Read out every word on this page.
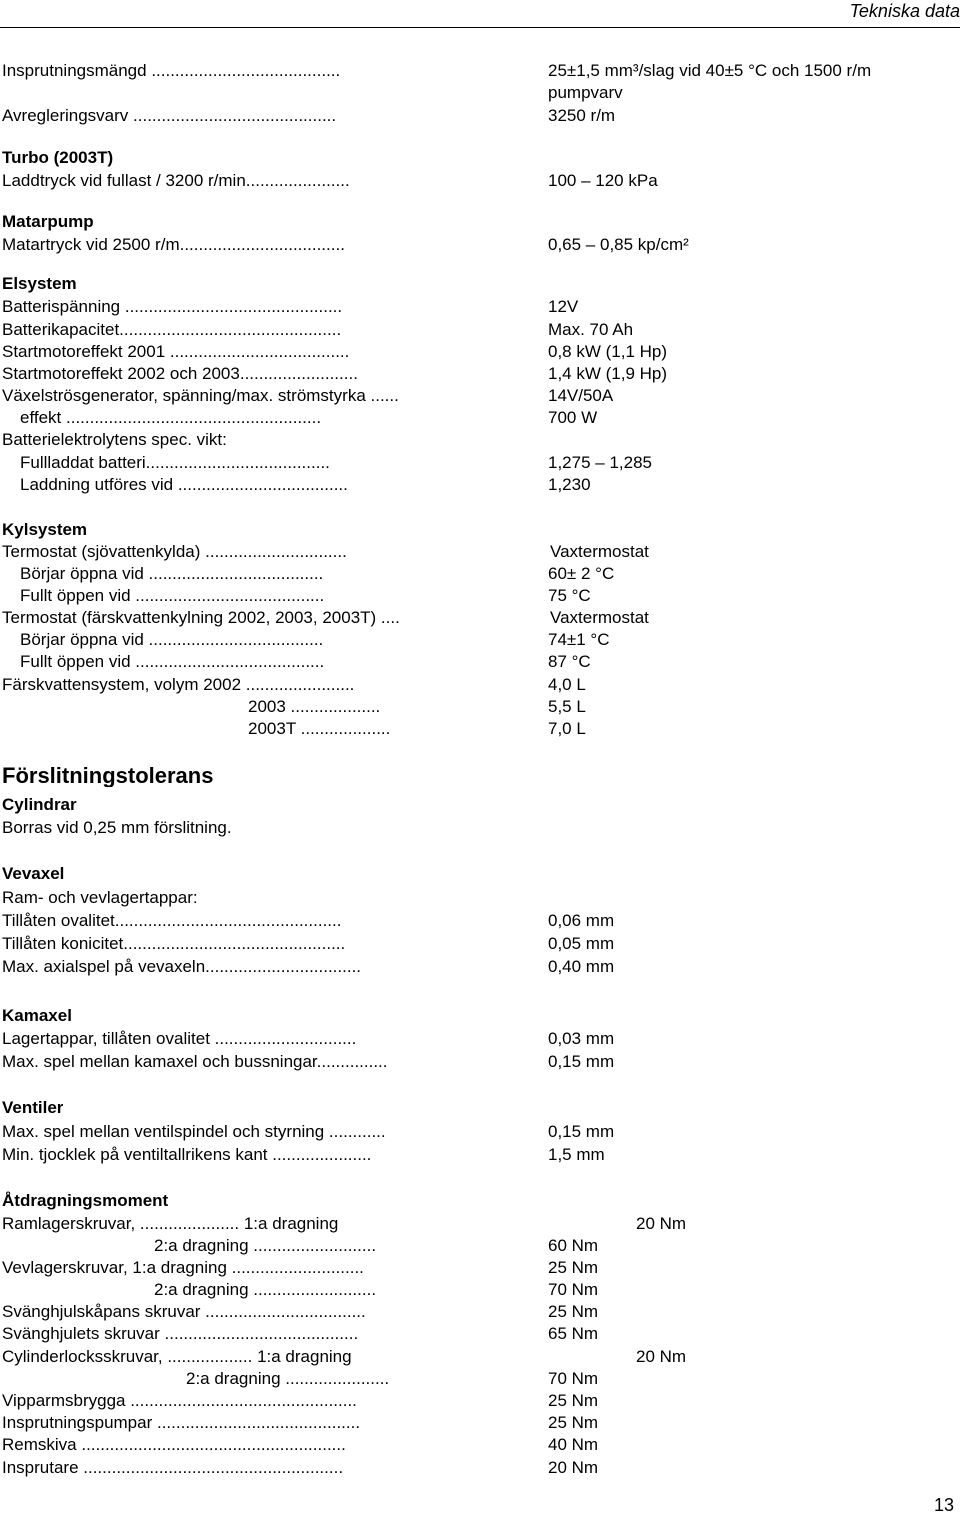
Tekniska data
Insprutningsmängd ........................................	25±1,5 mm³/slag vid 40±5 °C och 1500 r/m
pumpvarv
Avregleringsvarv ...........................................	3250 r/m
Turbo (2003T)
Laddtryck vid fullast / 3200 r/min......................	100 – 120 kPa
Matarpump
Matartryck vid 2500 r/m...................................	0,65 – 0,85 kp/cm²
Elsystem
Batterispänning ..............................................	12V
Batterikapacitet...............................................	Max. 70 Ah
Startmotoreffekt 2001 ......................................	0,8 kW (1,1 Hp)
Startmotoreffekt 2002 och 2003.........................	1,4 kW (1,9 Hp)
Växelströsgenerator, spänning/max. strömstyrka ......	14V/50A
effekt ......................................................	700 W
Batterielektrolytens spec. vikt:
Fullladdat batteri.......................................	1,275 – 1,285
Laddning utföres vid ....................................	1,230
Kylsystem
Termostat (sjövattenkylda) ..............................	Vaxtermostat
Börjar öppna vid .....................................	60± 2 °C
Fullt öppen vid ........................................	75 °C
Termostat (färskvattenkylning 2002, 2003, 2003T) ....	Vaxtermostat
Börjar öppna vid .....................................	74±1 °C
Fullt öppen vid ........................................	87 °C
Färskvattensystem, volym 2002 .......................	4,0 L
2003 ...................	5,5 L
2003T ...................	7,0 L
Förslitningstolerans
Cylindrar
Borras vid 0,25 mm förslitning.
Vevaxel
Ram- och vevlagertappar:
Tillåten ovalitet................................................	0,06 mm
Tillåten konicitet...............................................	0,05 mm
Max. axialspel på vevaxeln.................................	0,40 mm
Kamaxel
Lagertappar, tillåten ovalitet ..............................	0,03 mm
Max. spel mellan kamaxel och bussningar...............	0,15 mm
Ventiler
Max. spel mellan ventilspindel och styrning ............	0,15 mm
Min. tjocklek på ventiltallrikens kant .....................	1,5 mm
Åtdragningsmoment
Ramlagerskruvar, ..................... 1:a dragning	20 Nm
2:a dragning ..........................	60 Nm
Vevlagerskruvar, 1:a dragning ............................	25 Nm
2:a dragning ..........................	70 Nm
Svänghjulskåpans skruvar ..................................	25 Nm
Svänghjulets skruvar .........................................	65 Nm
Cylinderlocksskruvar, .................. 1:a dragning	20 Nm
2:a dragning ......................	70 Nm
Vipparmsbrygga ................................................	25 Nm
Insprutningspumpar ...........................................	25 Nm
Remskiva ........................................................	40 Nm
Insprutare .......................................................	20 Nm
13
